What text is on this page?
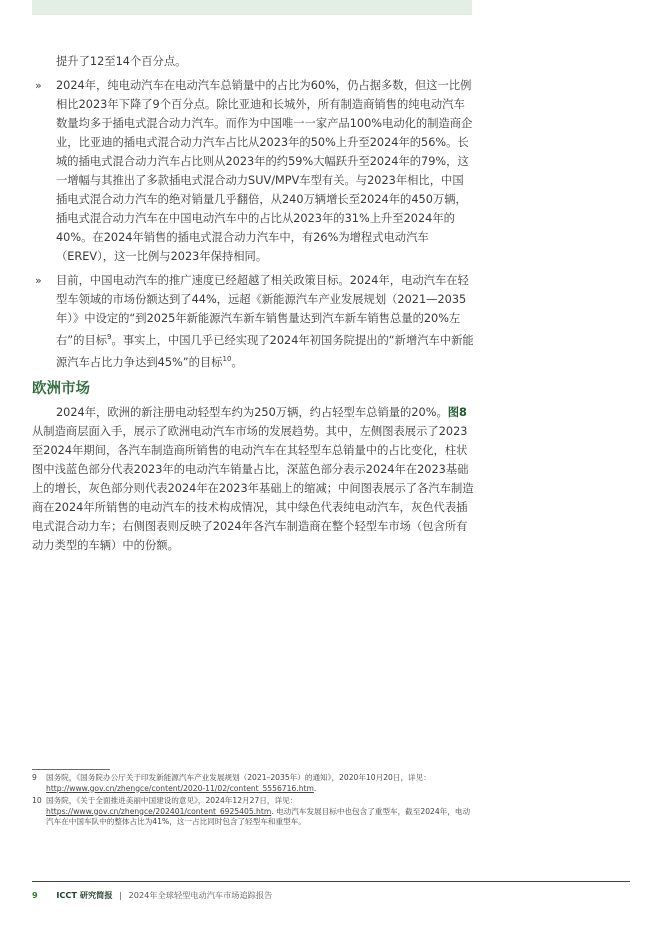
提升了12至14个百分点。

» 2024年，纯电动汽车在电动汽车总销量中的占比为60%，仍占据多数，但这一比例相比2023年下降了9个百分点。除比亚迪和长城外，所有制造商销售的纯电动汽车数量均多于插电式混合动力汽车。而作为中国唯一一家产品100%电动化的制造商企业，比亚迪的插电式混合动力汽车占比从2023年的50%上升至2024年的56%。长城的插电式混合动力汽车占比则从2023年的约59%大幅跃升至2024年的79%，这一增幅与其推出了多款插电式混合动力SUV/MPV车型有关。与2023年相比，中国插电式混合动力汽车的绝对销量几乎翻倍，从240万辆增长至2024年的450万辆，插电式混合动力汽车在中国电动汽车中的占比从2023年的31%上升至2024年的40%。在2024年销售的插电式混合动力汽车中，有26%为增程式电动汽车（EREV），这一比例与2023年保持相同。

» 目前，中国电动汽车的推广速度已经超越了相关政策目标。2024年，电动汽车在轻型车领域的市场份额达到了44%，远超《新能源汽车产业发展规划（2021—2035年）》中设定的“到2025年新能源汽车新车销售量达到汽车新车销售总量的20%左右”的目标$^9$。事实上，中国几乎已经实现了2024年初国务院提出的“新增汽车中新能源汽车占比力争达到45%”的目标$^{10}$。

欧洲市场

2024年，欧洲的新注册电动轻型车约为250万辆，约占轻型车总销量的20%。图8从制造商层面入手，展示了欧洲电动汽车市场的发展趋势。其中，左侧图表展示了2023至2024年期间，各汽车制造商所销售的电动汽车在其轻型车总销量中的占比变化，柱状图中浅蓝色部分代表2023年的电动汽车销量占比，深蓝色部分表示2024年在2023基础上的增长，灰色部分则代表2024年在2023年基础上的缩减；中间图表展示了各汽车制造商在2024年所销售的电动汽车的技术构成情况，其中绿色代表纯电动汽车，灰色代表插电式混合动力车；右侧图表则反映了2024年各汽车制造商在整个轻型车市场（包含所有动力类型的车辆）中的份额。

9 国务院，《国务院办公厅关于印发新能源汽车产业发展规划（2021–2035年）的通知》，2020年10月20日，详见：http://www.gov.cn/zhengce/content/2020-11/02/content_5556716.htm.
10 国务院，《关于全面推进美丽中国建设的意见》，2024年12月27日，详见：https://www.gov.cn/zhengce/202401/content_6925405.htm. 电动汽车发展目标中也包含了重型车，截至2024年，电动汽车在中国车队中的整体占比为41%，这一占比同时包含了轻型车和重型车。
9 ICCT 研究简报 | 2024年全球轻型电动汽车市场追踪报告
